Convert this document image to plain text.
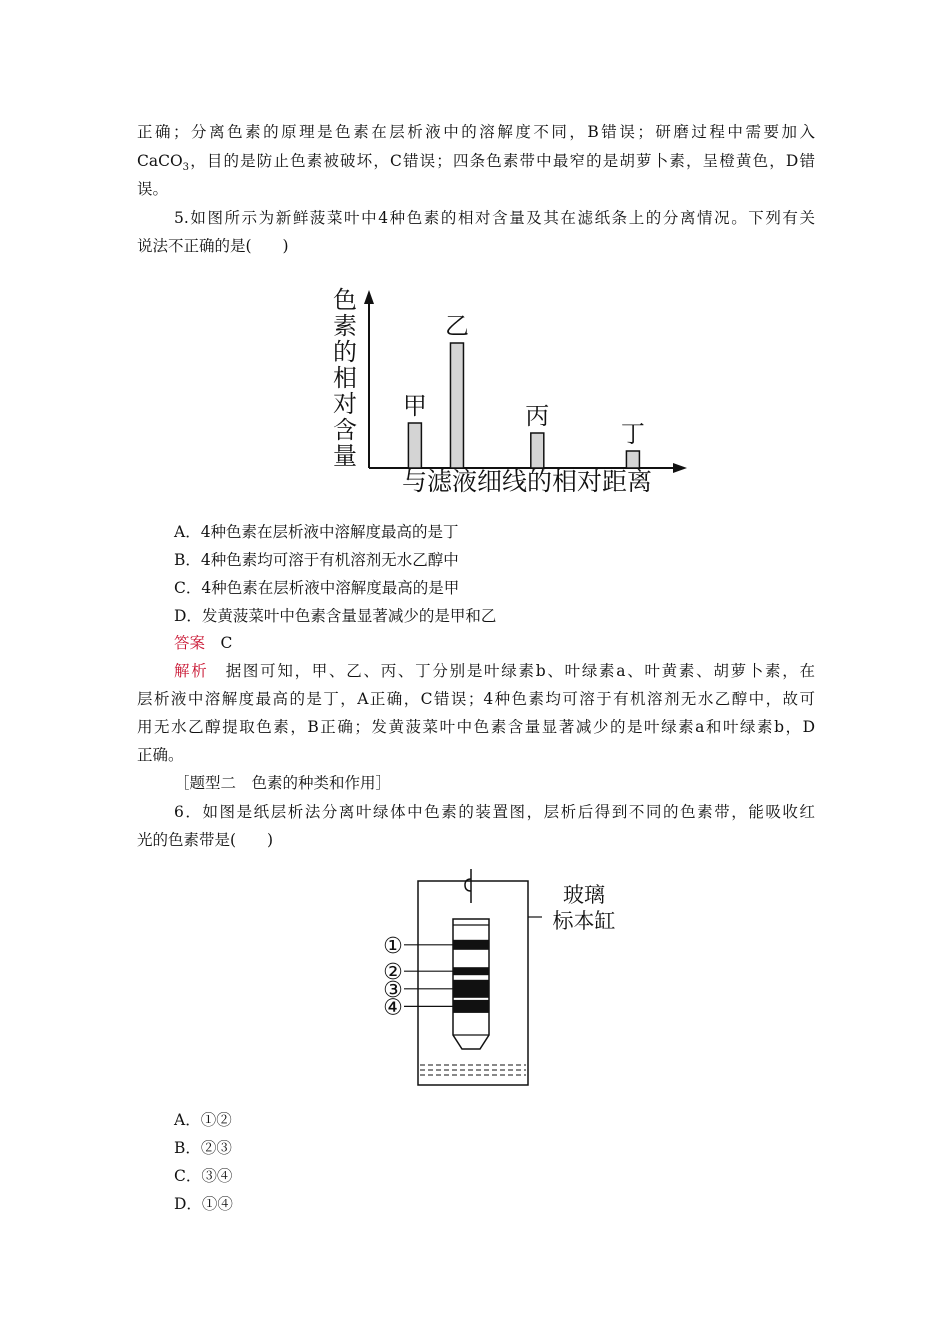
正确；分离色素的原理是色素在层析液中的溶解度不同，B错误；研磨过程中需要加入
CaCO$_3$，目的是防止色素被破坏，C错误；四条色素带中最窄的是胡萝卜素，呈橙黄色，D错
误。
5.如图所示为新鲜菠菜叶中4种色素的相对含量及其在滤纸条上的分离情况。下列有关
说法不正确的是(　　)
色
素
的
相
对
含
量
甲
乙
丙
丁
与滤液细线的相对距离
A．4种色素在层析液中溶解度最高的是丁
B．4种色素均可溶于有机溶剂无水乙醇中
C．4种色素在层析液中溶解度最高的是甲
D．发黄菠菜叶中色素含量显著减少的是甲和乙
答案　 C
解析　 据图可知，甲、乙、丙、丁分别是叶绿素b、叶绿素a、叶黄素、胡萝卜素，在
层析液中溶解度最高的是丁，A正确，C错误；4种色素均可溶于有机溶剂无水乙醇中，故可
用无水乙醇提取色素，B正确；发黄菠菜叶中色素含量显著减少的是叶绿素a和叶绿素b，D
正确。
［题型二　色素的种类和作用］
6．如图是纸层析法分离叶绿体中色素的装置图，层析后得到不同的色素带，能吸收红
光的色素带是(　　)
①
②
③
④
玻璃
标本缸
A．①②
B．②③
C．③④
D．①④
